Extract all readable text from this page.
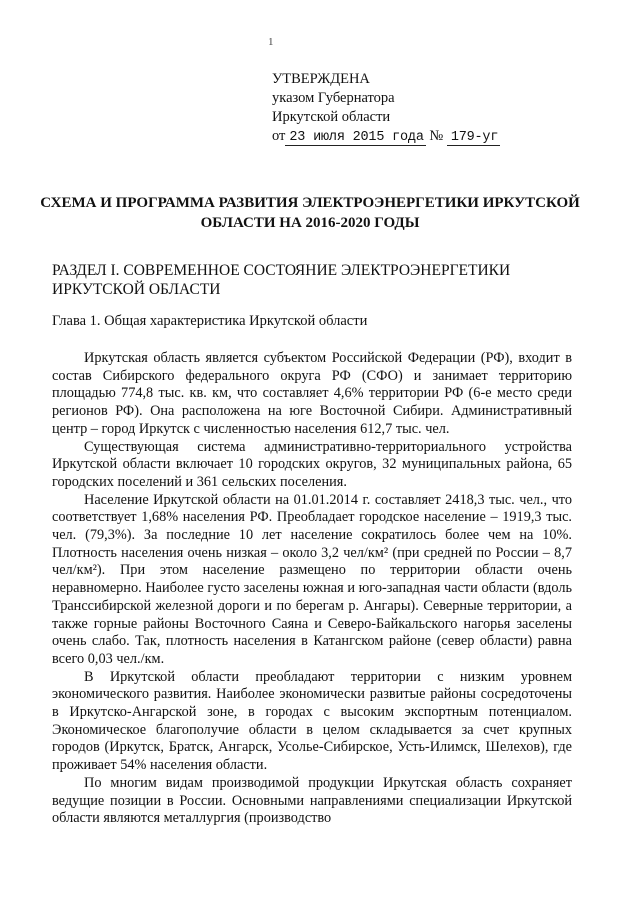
1
УТВЕРЖДЕНА
указом Губернатора
Иркутской области
от 23 июля 2015 года № 179-уг
СХЕМА И ПРОГРАММА РАЗВИТИЯ ЭЛЕКТРОЭНЕРГЕТИКИ ИРКУТСКОЙ ОБЛАСТИ НА 2016-2020 ГОДЫ
РАЗДЕЛ I. СОВРЕМЕННОЕ СОСТОЯНИЕ ЭЛЕКТРОЭНЕРГЕТИКИ ИРКУТСКОЙ ОБЛАСТИ
Глава 1. Общая характеристика Иркутской области

Иркутская область является субъектом Российской Федерации (РФ), входит в состав Сибирского федерального округа РФ (СФО) и занимает территорию площадью 774,8 тыс. кв. км, что составляет 4,6% территории РФ (6-е место среди регионов РФ). Она расположена на юге Восточной Сибири. Административный центр – город Иркутск с численностью населения 612,7 тыс. чел.

Существующая система административно-территориального устройства Иркутской области включает 10 городских округов, 32 муниципальных района, 65 городских поселений и 361 сельских поселения.

Население Иркутской области на 01.01.2014 г. составляет 2418,3 тыс. чел., что соответствует 1,68% населения РФ. Преобладает городское население – 1919,3 тыс. чел. (79,3%). За последние 10 лет население сократилось более чем на 10%. Плотность населения очень низкая – около 3,2 чел/км² (при средней по России – 8,7 чел/км²). При этом население размещено по территории области очень неравномерно. Наиболее густо заселены южная и юго-западная части области (вдоль Транссибирской железной дороги и по берегам р. Ангары). Северные территории, а также горные районы Восточного Саяна и Северо-Байкальского нагорья заселены очень слабо. Так, плотность населения в Катангском районе (север области) равна всего 0,03 чел./км.

В Иркутской области преобладают территории с низким уровнем экономического развития. Наиболее экономически развитые районы сосредоточены в Иркутско-Ангарской зоне, в городах с высоким экспортным потенциалом. Экономическое благополучие области в целом складывается за счет крупных городов (Иркутск, Братск, Ангарск, Усолье-Сибирское, Усть-Илимск, Шелехов), где проживает 54% населения области.

По многим видам производимой продукции Иркутская область сохраняет ведущие позиции в России. Основными направлениями специализации Иркутской области являются металлургия (производство
